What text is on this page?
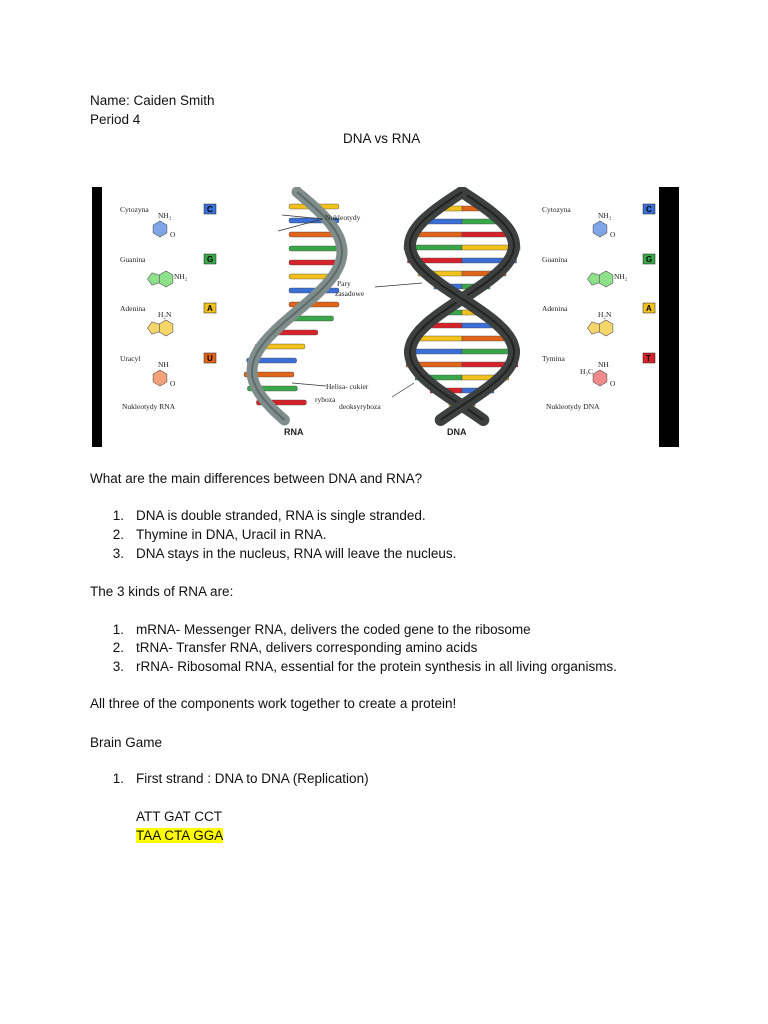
Name: Caiden Smith
Period 4
DNA vs RNA
Cytozyna	C
NH₂
O
Guanina	G
NH₂
Adenina	A
H₂N
Uracyl	U
NH
O
Cytozyna	C
NH₂
O
Guanina	G
NH₂
Adenina	A
H₂N
Tymina	T
NH
O
H₃C
Nukleotydy
Pary
zasadowe
Helisa- cukier
ryboza
deoksyryboza
RNA	DNA
Nukleotydy RNA	Nukleotydy DNA
What are the main differences between DNA and RNA?
1. DNA is double stranded, RNA is single stranded.
2. Thymine in DNA, Uracil in RNA.
3. DNA stays in the nucleus, RNA will leave the nucleus.
The 3 kinds of RNA are:
1. mRNA- Messenger RNA, delivers the coded gene to the ribosome
2. tRNA- Transfer RNA, delivers corresponding amino acids
3. rRNA- Ribosomal RNA, essential for the protein synthesis in all living organisms.
All three of the components work together to create a protein!
Brain Game
1. First strand : DNA to DNA (Replication)
ATT GAT CCT
TAA CTA GGA
